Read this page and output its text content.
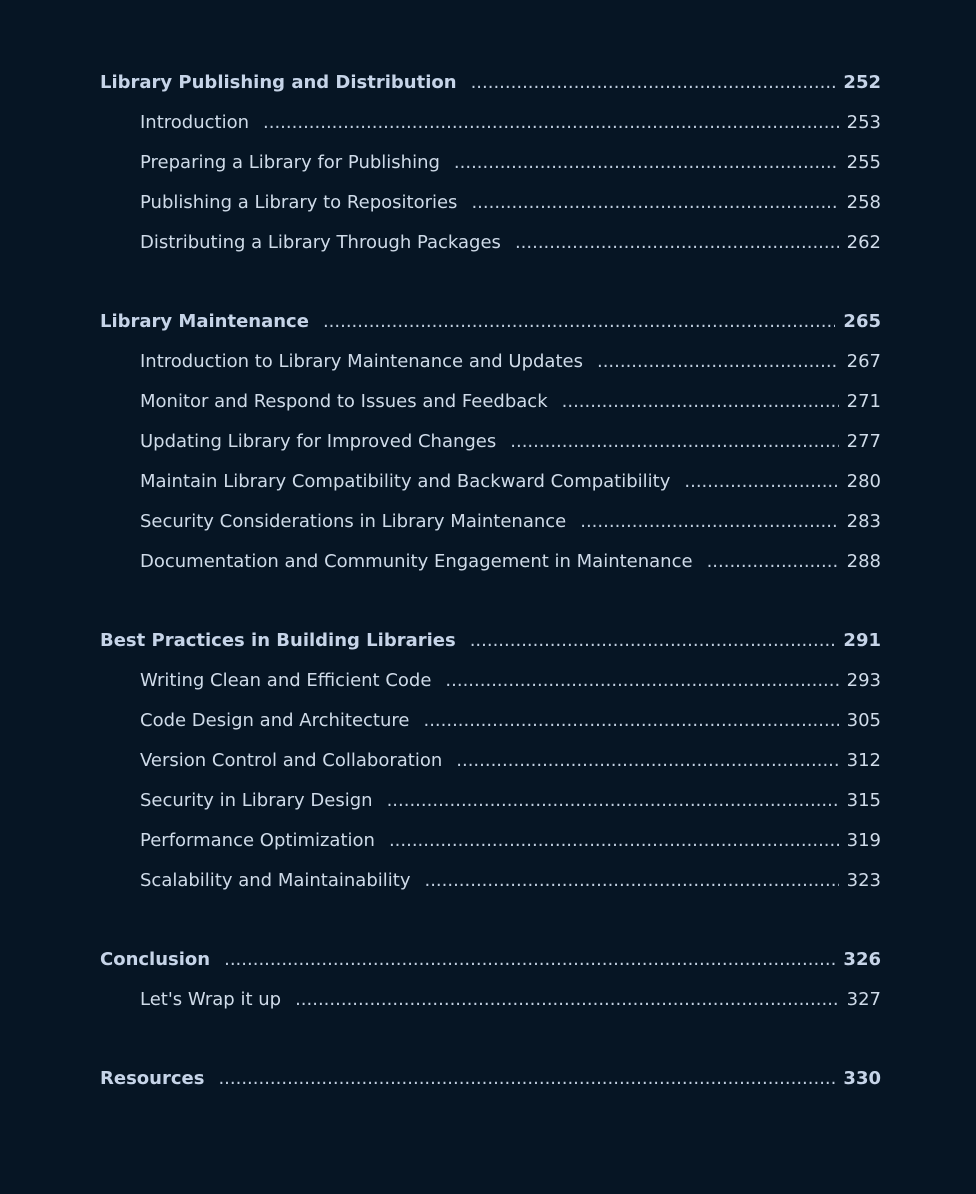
Library Publishing and Distribution .....	252
Introduction .....	253
Preparing a Library for Publishing .....	255
Publishing a Library to Repositories .....	258
Distributing a Library Through Packages .....	262
Library Maintenance .....	265
Introduction to Library Maintenance and Updates .....	267
Monitor and Respond to Issues and Feedback .....	271
Updating Library for Improved Changes .....	277
Maintain Library Compatibility and Backward Compatibility .....	280
Security Considerations in Library Maintenance .....	283
Documentation and Community Engagement in Maintenance .....	288
Best Practices in Building Libraries .....	291
Writing Clean and Efficient Code .....	293
Code Design and Architecture .....	305
Version Control and Collaboration .....	312
Security in Library Design .....	315
Performance Optimization .....	319
Scalability and Maintainability .....	323
Conclusion .....	326
Let's Wrap it up .....	327
Resources .....	330
